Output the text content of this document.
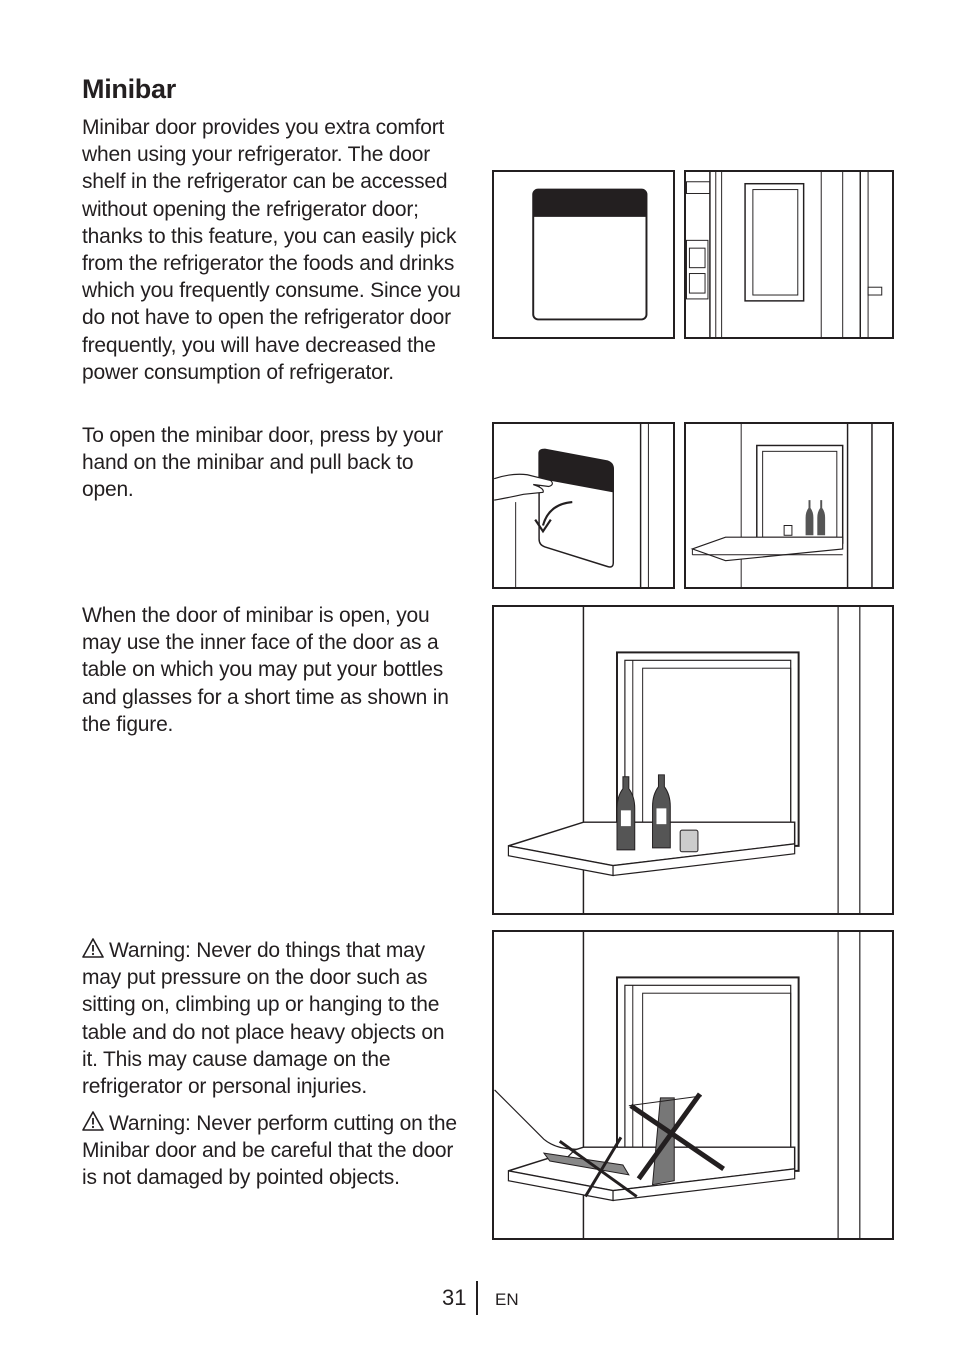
Minibar

Minibar door provides you extra comfort when using your refrigerator. The door shelf in the refrigerator can be accessed without opening the refrigerator door; thanks to this feature, you can easily pick from the refrigerator the foods and drinks which you frequently consume. Since you do not have to open the refrigerator door frequently, you will have decreased the power consumption of refrigerator.

To open the minibar door, press by your hand on the minibar and pull back to open.

When the door of minibar is open, you may use the inner face of the door as a table on which you may put your bottles and glasses for a short time as shown in the figure.

Warning: Never do things that may may put pressure on the door such as sitting on, climbing up or hanging to the table and do not place heavy objects on it. This may cause damage on the refrigerator or personal injuries.

Warning: Never perform cutting on the Minibar door and be careful that the door is not damaged by pointed objects.

31 EN
